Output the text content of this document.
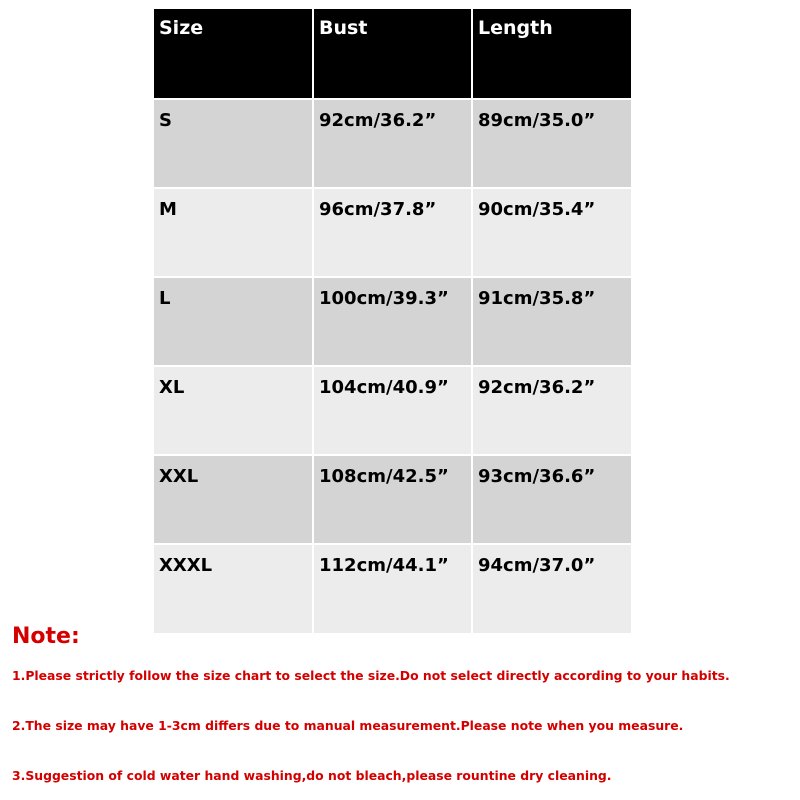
Size	Bust	Length
S	92cm/36.2”	89cm/35.0”
M	96cm/37.8”	90cm/35.4”
L	100cm/39.3”	91cm/35.8”
XL	104cm/40.9”	92cm/36.2”
XXL	108cm/42.5”	93cm/36.6”
XXXL	112cm/44.1”	94cm/37.0”

Note:

1.Please strictly follow the size chart to select the size.Do not select directly according to your habits.

2.The size may have 1-3cm differs due to manual measurement.Please note when you measure.

3.Suggestion of cold water hand washing,do not bleach,please rountine dry cleaning.
